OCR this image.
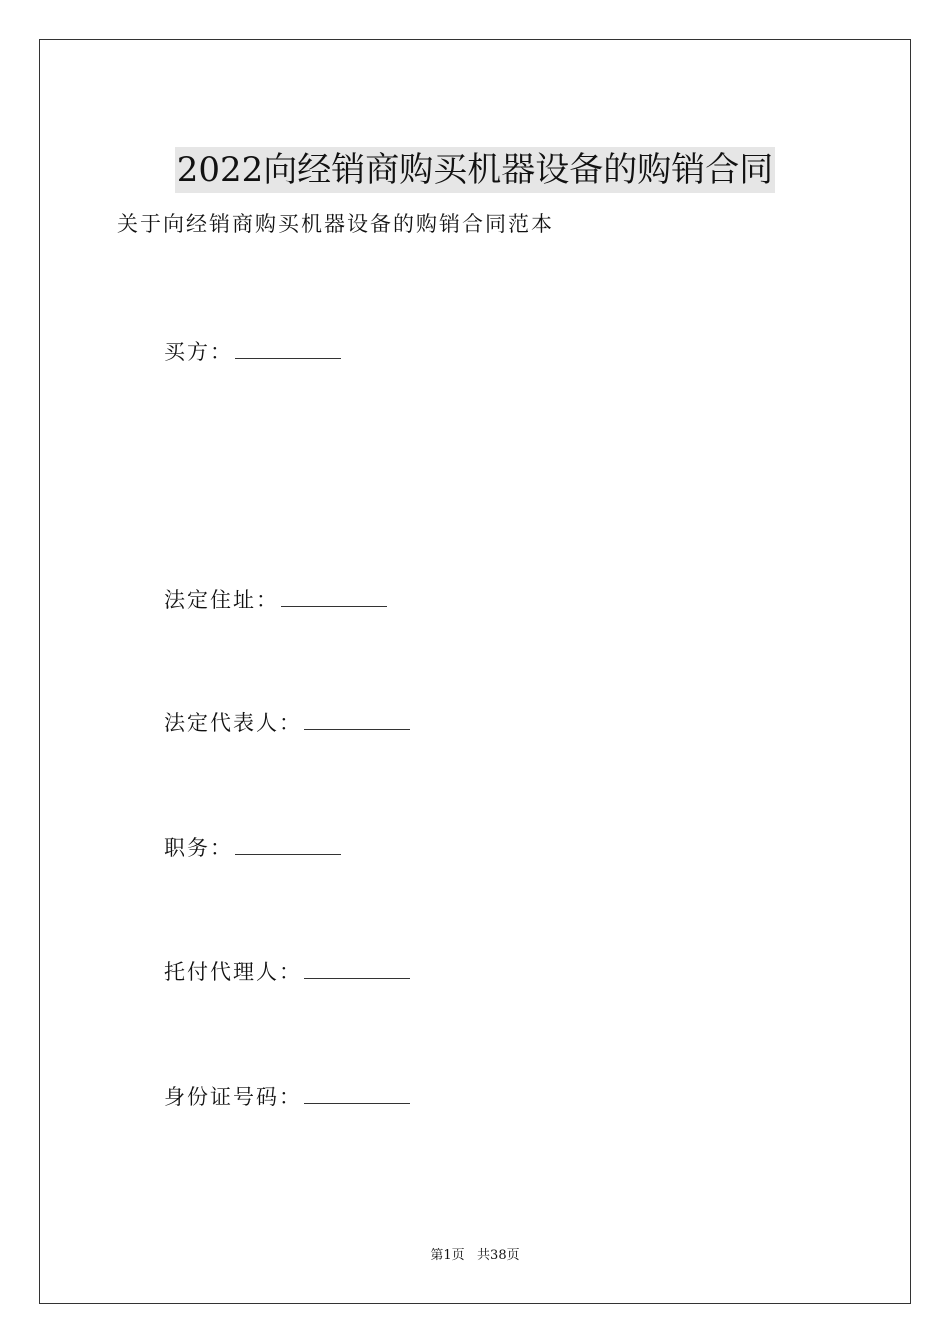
2022向经销商购买机器设备的购销合同
关于向经销商购买机器设备的购销合同范本
买方：
法定住址：
法定代表人：
职务：
托付代理人：
身份证号码：
第1页   共38页
